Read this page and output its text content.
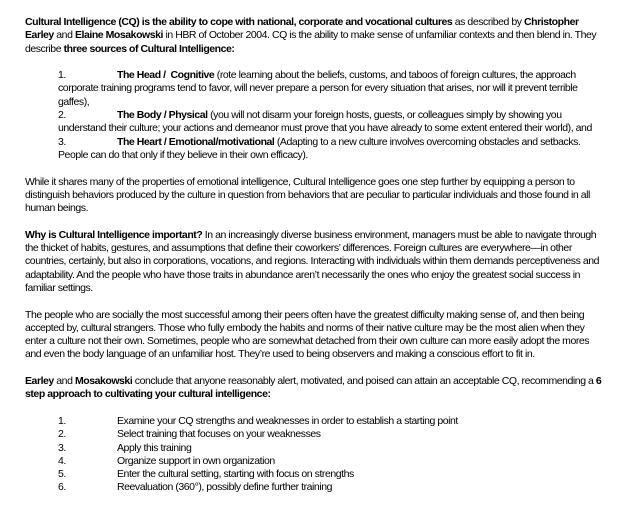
Cultural Intelligence (CQ) is the ability to cope with national, corporate and vocational cultures as described by Christopher Earley and Elaine Mosakowski in HBR of October 2004. CQ is the ability to make sense of unfamiliar contexts and then blend in. They describe three sources of Cultural Intelligence:

1.	The Head /  Cognitive (rote learning about the beliefs, customs, and taboos of foreign cultures, the approach corporate training programs tend to favor, will never prepare a person for every situation that arises, nor will it prevent terrible gaffes),
2.	The Body / Physical (you will not disarm your foreign hosts, guests, or colleagues simply by showing you understand their culture; your actions and demeanor must prove that you have already to some extent entered their world), and
3.	The Heart / Emotional/motivational (Adapting to a new culture involves overcoming obstacles and setbacks. People can do that only if they believe in their own efficacy).

While it shares many of the properties of emotional intelligence, Cultural Intelligence goes one step further by equipping a person to distinguish behaviors produced by the culture in question from behaviors that are peculiar to particular individuals and those found in all human beings.

Why is Cultural Intelligence important? In an increasingly diverse business environment, managers must be able to navigate through the thicket of habits, gestures, and assumptions that define their coworkers’ differences. Foreign cultures are everywhere—in other countries, certainly, but also in corporations, vocations, and regions. Interacting with individuals within them demands perceptiveness and adaptability. And the people who have those traits in abundance aren’t necessarily the ones who enjoy the greatest social success in familiar settings.

The people who are socially the most successful among their peers often have the greatest difficulty making sense of, and then being accepted by, cultural strangers. Those who fully embody the habits and norms of their native culture may be the most alien when they enter a culture not their own. Sometimes, people who are somewhat detached from their own culture can more easily adopt the mores and even the body language of an unfamiliar host. They’re used to being observers and making a conscious effort to fit in.

Earley and Mosakowski conclude that anyone reasonably alert, motivated, and poised can attain an acceptable CQ, recommending a 6 step approach to cultivating your cultural intelligence:

1.	Examine your CQ strengths and weaknesses in order to establish a starting point
2.	Select training that focuses on your weaknesses
3.	Apply this training
4.	Organize support in own organization
5.	Enter the cultural setting, starting with focus on strengths
6.	Reevaluation (360°), possibly define further training
